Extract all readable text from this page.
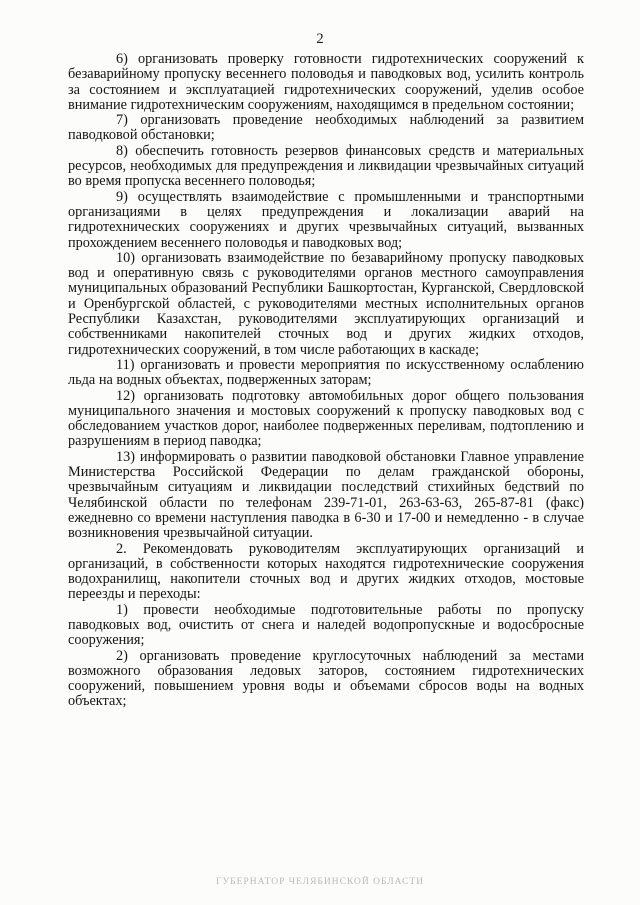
2

6) организовать проверку готовности гидротехнических сооружений к безаварийному пропуску весеннего половодья и паводковых вод, усилить контроль за состоянием и эксплуатацией гидротехнических сооружений, уделив особое внимание гидротехническим сооружениям, находящимся в предельном состоянии;

7) организовать проведение необходимых наблюдений за развитием паводковой обстановки;

8) обеспечить готовность резервов финансовых средств и материальных ресурсов, необходимых для предупреждения и ликвидации чрезвычайных ситуаций во время пропуска весеннего половодья;

9) осуществлять взаимодействие с промышленными и транспортными организациями в целях предупреждения и локализации аварий на гидротехнических сооружениях и других чрезвычайных ситуаций, вызванных прохождением весеннего половодья и паводковых вод;

10) организовать взаимодействие по безаварийному пропуску паводковых вод и оперативную связь с руководителями органов местного самоуправления муниципальных образований Республики Башкортостан, Курганской, Свердловской и Оренбургской областей, с руководителями местных исполнительных органов Республики Казахстан, руководителями эксплуатирующих организаций и собственниками накопителей сточных вод и других жидких отходов, гидротехнических сооружений, в том числе работающих в каскаде;

11) организовать и провести мероприятия по искусственному ослаблению льда на водных объектах, подверженных заторам;

12) организовать подготовку автомобильных дорог общего пользования муниципального значения и мостовых сооружений к пропуску паводковых вод с обследованием участков дорог, наиболее подверженных переливам, подтоплению и разрушениям в период паводка;

13) информировать о развитии паводковой обстановки Главное управление Министерства Российской Федерации по делам гражданской обороны, чрезвычайным ситуациям и ликвидации последствий стихийных бедствий по Челябинской области по телефонам 239-71-01, 263-63-63, 265-87-81 (факс) ежедневно со времени наступления паводка в 6-30 и 17-00 и немедленно - в случае возникновения чрезвычайной ситуации.

2. Рекомендовать руководителям эксплуатирующих организаций и организаций, в собственности которых находятся гидротехнические сооружения водохранилищ, накопители сточных вод и других жидких отходов, мостовые переезды и переходы:

1) провести необходимые подготовительные работы по пропуску паводковых вод, очистить от снега и наледей водопропускные и водосбросные сооружения;

2) организовать проведение круглосуточных наблюдений за местами возможного образования ледовых заторов, состоянием гидротехнических сооружений, повышением уровня воды и объемами сбросов воды на водных объектах;

ГУБЕРНАТОР ЧЕЛЯБИНСКОЙ ОБЛАСТИ
